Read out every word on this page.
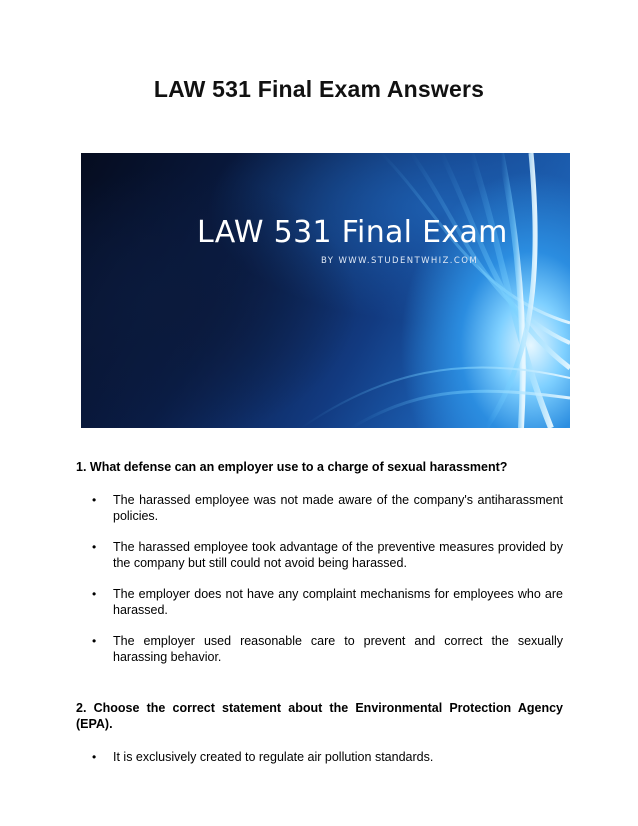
LAW 531 Final Exam Answers
LAW 531 Final Exam
BY WWW.STUDENTWHIZ.COM
1. What defense can an employer use to a charge of sexual harassment?
• The harassed employee was not made aware of the company's antiharassment policies.
• The harassed employee took advantage of the preventive measures provided by the company but still could not avoid being harassed.
• The employer does not have any complaint mechanisms for employees who are harassed.
• The employer used reasonable care to prevent and correct the sexually harassing behavior.
2. Choose the correct statement about the Environmental Protection Agency (EPA).
• It is exclusively created to regulate air pollution standards.
